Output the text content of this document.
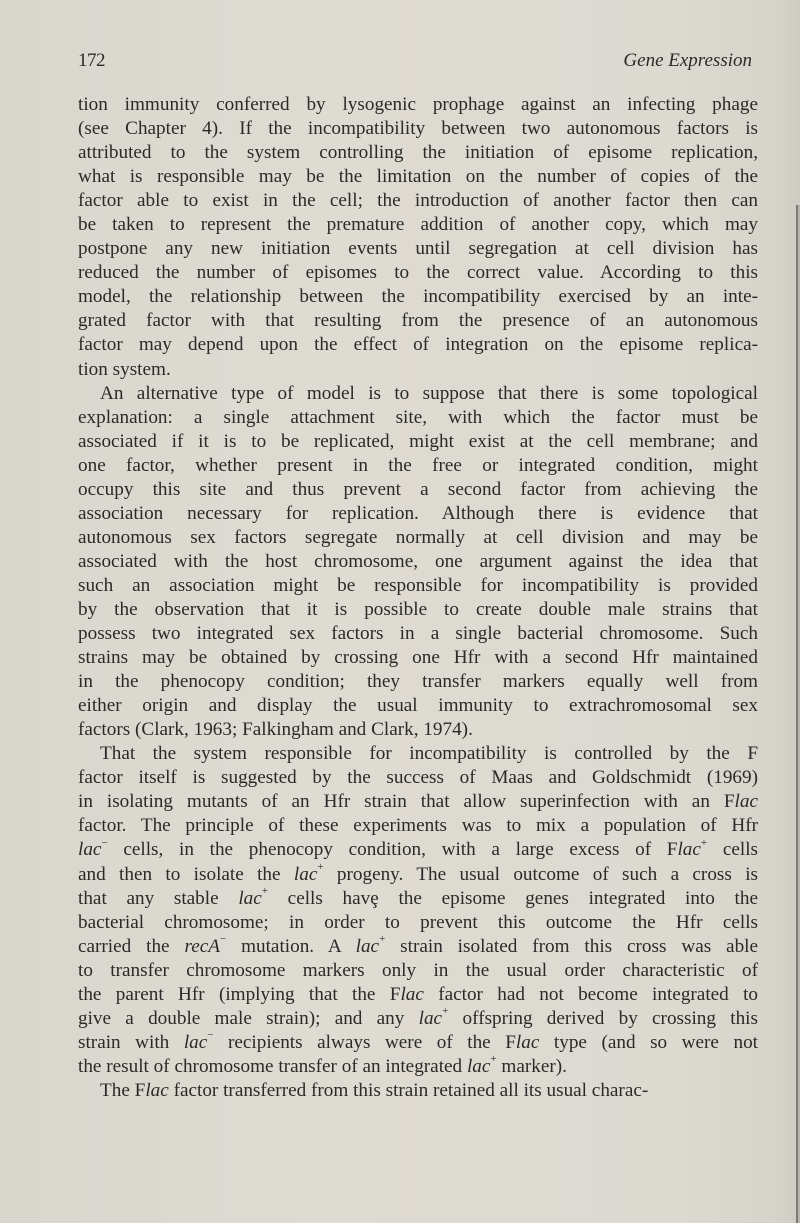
172	Gene Expression
tion immunity conferred by lysogenic prophage against an infecting phage
(see Chapter 4). If the incompatibility between two autonomous factors is
attributed to the system controlling the initiation of episome replication,
what is responsible may be the limitation on the number of copies of the
factor able to exist in the cell; the introduction of another factor then can
be taken to represent the premature addition of another copy, which may
postpone any new initiation events until segregation at cell division has
reduced the number of episomes to the correct value. According to this
model, the relationship between the incompatibility exercised by an inte-
grated factor with that resulting from the presence of an autonomous
factor may depend upon the effect of integration on the episome replica-
tion system.
An alternative type of model is to suppose that there is some topological
explanation: a single attachment site, with which the factor must be
associated if it is to be replicated, might exist at the cell membrane; and
one factor, whether present in the free or integrated condition, might
occupy this site and thus prevent a second factor from achieving the
association necessary for replication. Although there is evidence that
autonomous sex factors segregate normally at cell division and may be
associated with the host chromosome, one argument against the idea that
such an association might be responsible for incompatibility is provided
by the observation that it is possible to create double male strains that
possess two integrated sex factors in a single bacterial chromosome. Such
strains may be obtained by crossing one Hfr with a second Hfr maintained
in the phenocopy condition; they transfer markers equally well from
either origin and display the usual immunity to extrachromosomal sex
factors (Clark, 1963; Falkingham and Clark, 1974).
That the system responsible for incompatibility is controlled by the F
factor itself is suggested by the success of Maas and Goldschmidt (1969)
in isolating mutants of an Hfr strain that allow superinfection with an Flac
factor. The principle of these experiments was to mix a population of Hfr
lac− cells, in the phenocopy condition, with a large excess of Flac+ cells
and then to isolate the lac+ progeny. The usual outcome of such a cross is
that any stable lac+ cells havȩ the episome genes integrated into the
bacterial chromosome; in order to prevent this outcome the Hfr cells
carried the recA− mutation. A lac+ strain isolated from this cross was able
to transfer chromosome markers only in the usual order characteristic of
the parent Hfr (implying that the Flac factor had not become integrated to
give a double male strain); and any lac+ offspring derived by crossing this
strain with lac− recipients always were of the Flac type (and so were not
the result of chromosome transfer of an integrated lac+ marker).
The Flac factor transferred from this strain retained all its usual charac-
